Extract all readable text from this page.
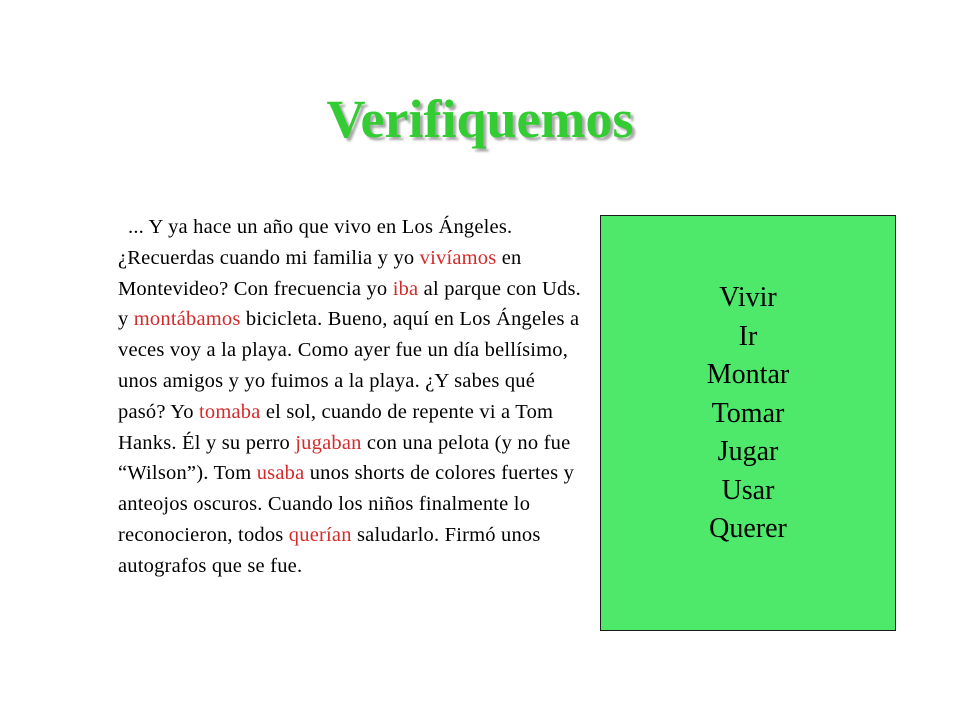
Verifiquemos
... Y ya hace un año que vivo en Los Ángeles. ¿Recuerdas cuando mi familia y yo vivíamos en Montevideo? Con frecuencia yo iba al parque con Uds. y montábamos bicicleta. Bueno, aquí en Los Ángeles a veces voy a la playa. Como ayer fue un día bellísimo, unos amigos y yo fuimos a la playa. ¿Y sabes qué pasó? Yo tomaba el sol, cuando de repente vi a Tom Hanks. Él y su perro jugaban con una pelota (y no fue “Wilson”). Tom usaba unos shorts de colores fuertes y anteojos oscuros. Cuando los niños finalmente lo reconocieron, todos querían saludarlo. Firmó unos autografos que se fue.
Vivir
Ir
Montar
Tomar
Jugar
Usar
Querer
